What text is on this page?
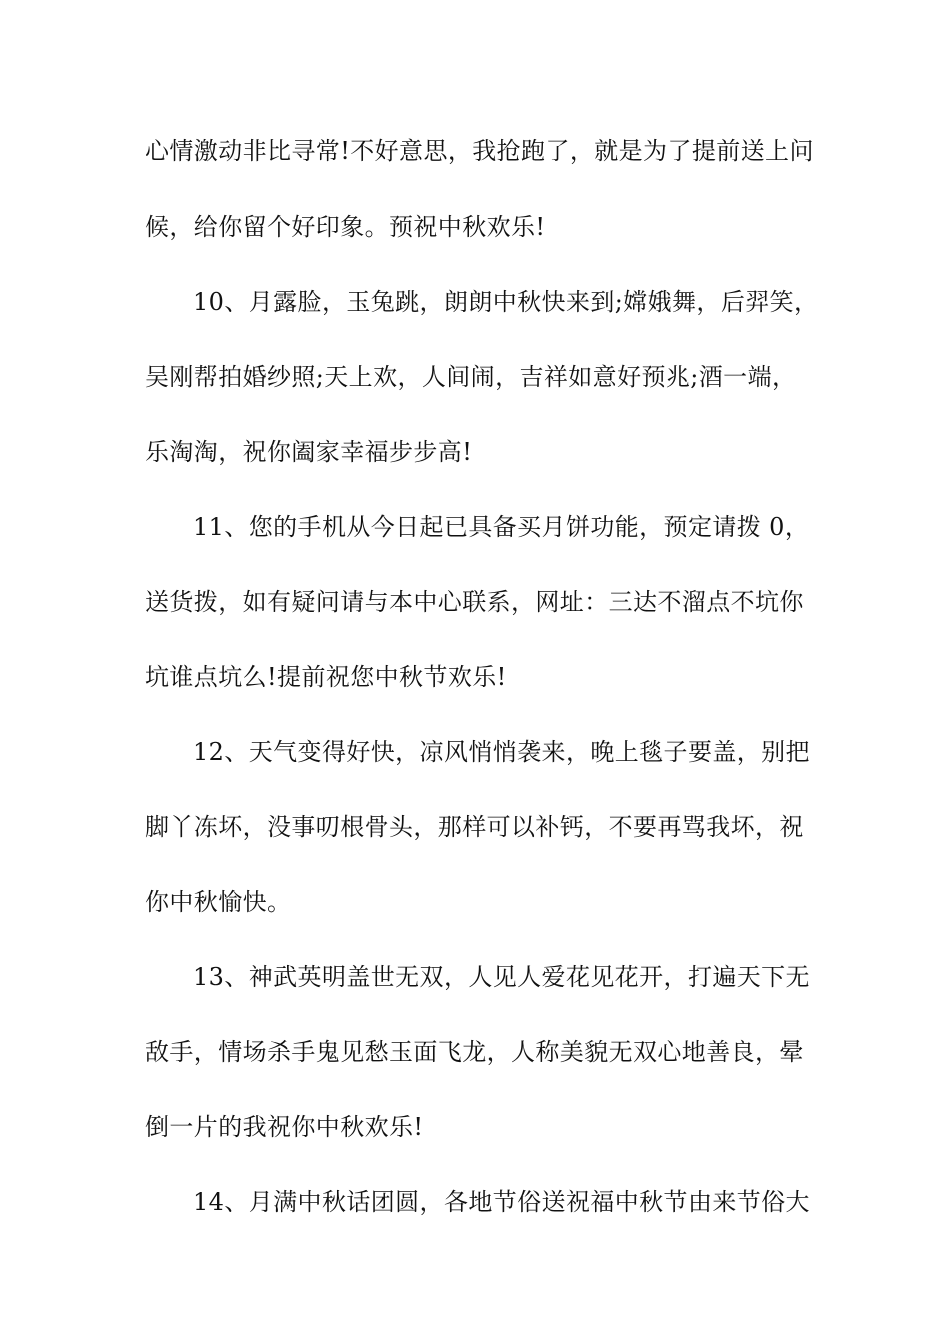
心情激动非比寻常!不好意思，我抢跑了，就是为了提前送上问
候，给你留个好印象。预祝中秋欢乐!
10、月露脸，玉兔跳，朗朗中秋快来到;嫦娥舞，后羿笑，
吴刚帮拍婚纱照;天上欢，人间闹，吉祥如意好预兆;酒一端，
乐淘淘，祝你阖家幸福步步高!
11、您的手机从今日起已具备买月饼功能，预定请拨 0，
送货拨，如有疑问请与本中心联系，网址：三达不溜点不坑你
坑谁点坑么!提前祝您中秋节欢乐!
12、天气变得好快，凉风悄悄袭来，晚上毯子要盖，别把
脚丫冻坏，没事叨根骨头，那样可以补钙，不要再骂我坏，祝
你中秋愉快。
13、神武英明盖世无双，人见人爱花见花开，打遍天下无
敌手，情场杀手鬼见愁玉面飞龙，人称美貌无双心地善良，晕
倒一片的我祝你中秋欢乐!
14、月满中秋话团圆，各地节俗送祝福中秋节由来节俗大
